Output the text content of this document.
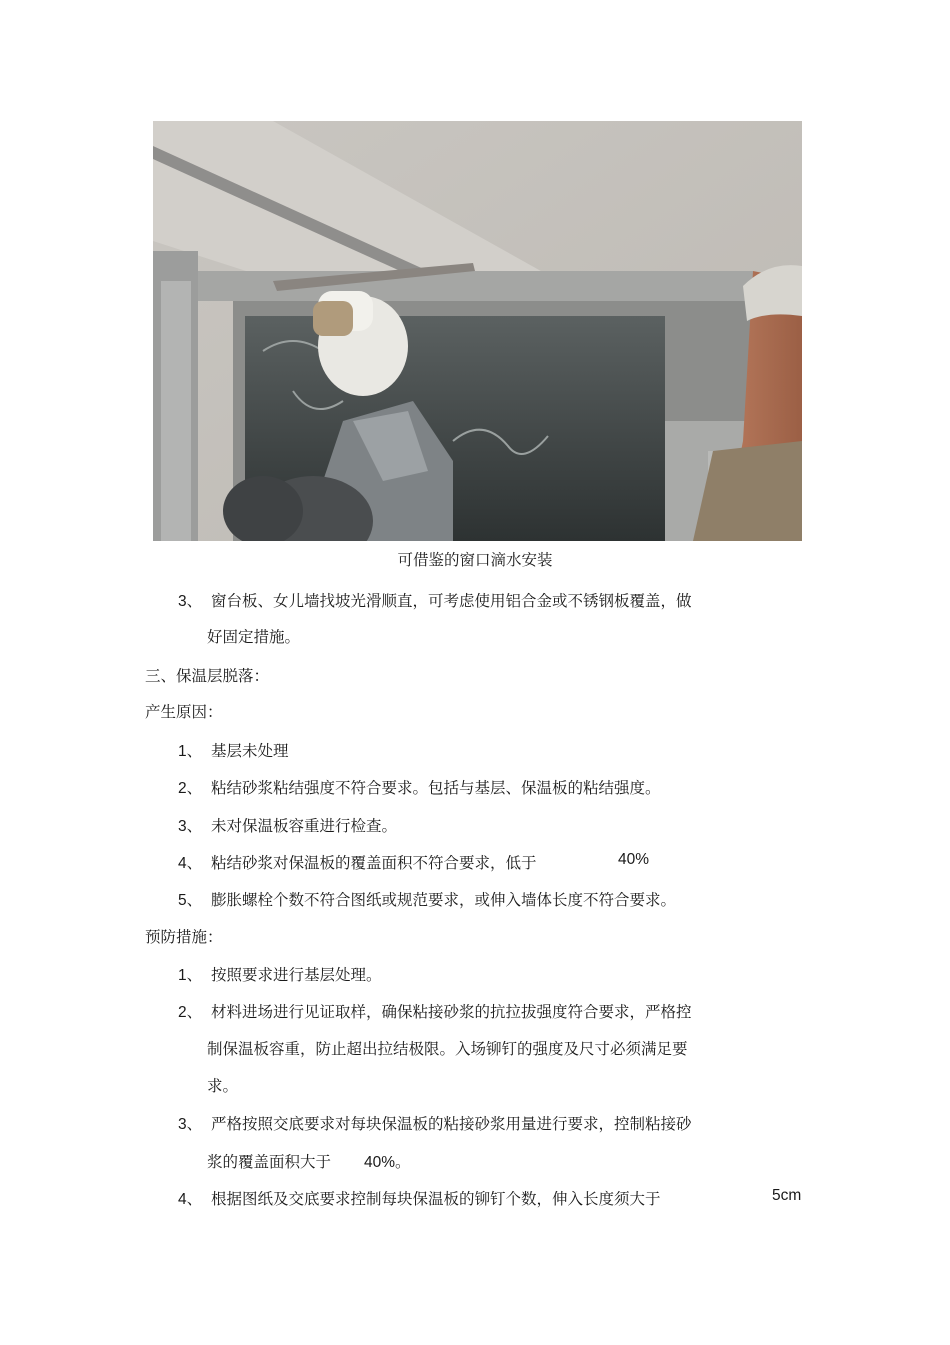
可借鉴的窗口滴水安装
3、 窗台板、女儿墙找坡光滑顺直，可考虑使用铝合金或不锈钢板覆盖，做
好固定措施。
三、保温层脱落：
产生原因：
1、 基层未处理
2、 粘结砂浆粘结强度不符合要求。包括与基层、保温板的粘结强度。
3、 未对保温板容重进行检查。
4、 粘结砂浆对保温板的覆盖面积不符合要求，低于	40%
5、 膨胀螺栓个数不符合图纸或规范要求，或伸入墙体长度不符合要求。
预防措施：
1、 按照要求进行基层处理。
2、 材料进场进行见证取样，确保粘接砂浆的抗拉拔强度符合要求，严格控
制保温板容重，防止超出拉结极限。入场铆钉的强度及尺寸必须满足要
求。
3、 严格按照交底要求对每块保温板的粘接砂浆用量进行要求，控制粘接砂
浆的覆盖面积大于 40%。
4、 根据图纸及交底要求控制每块保温板的铆钉个数，伸入长度须大于	5cm
